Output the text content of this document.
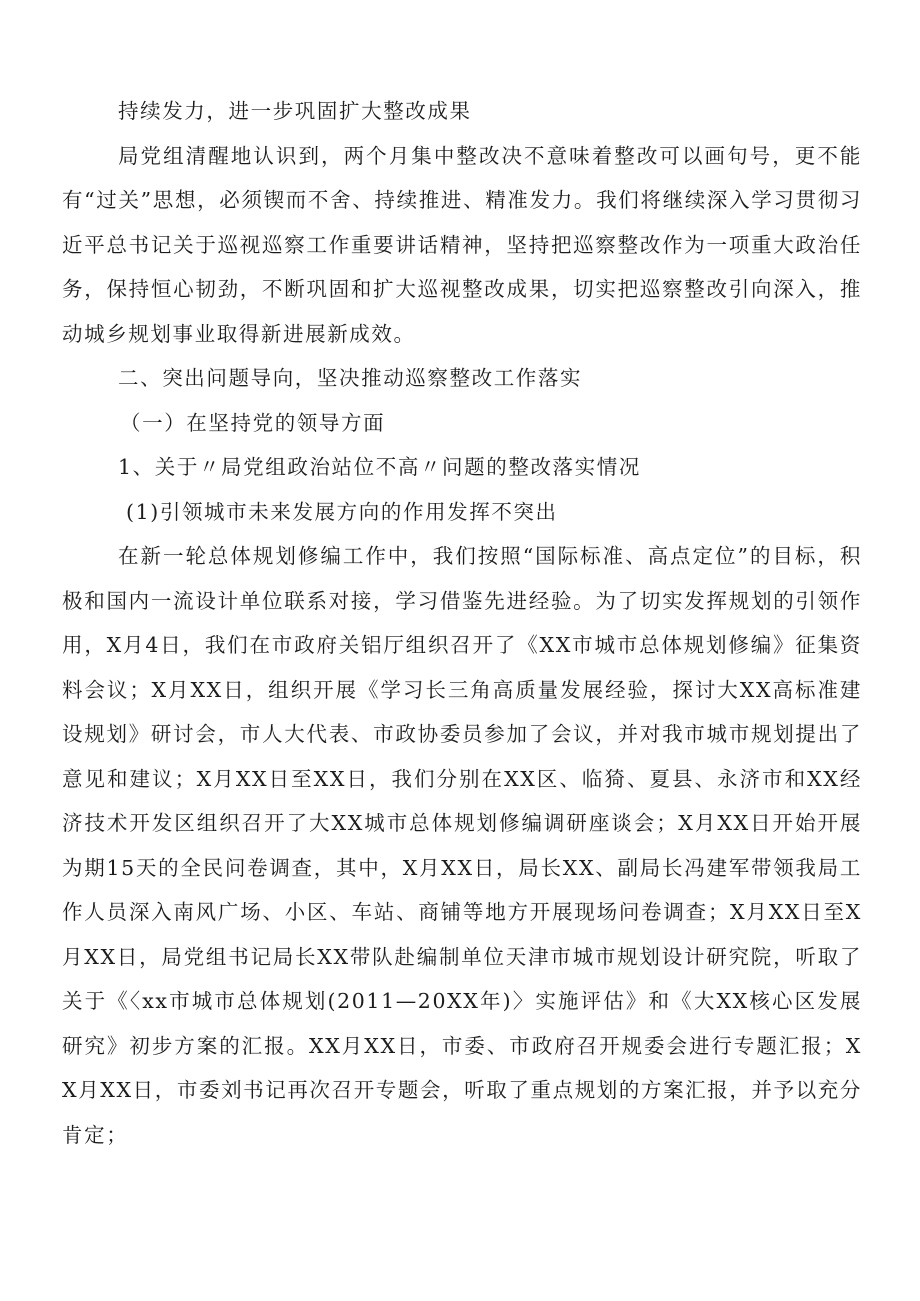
持续发力，进一步巩固扩大整改成果

局党组清醒地认识到，两个月集中整改决不意味着整改可以画句号，更不能有“过关”思想，必须锲而不舍、持续推进、精准发力。我们将继续深入学习贯彻习近平总书记关于巡视巡察工作重要讲话精神，坚持把巡察整改作为一项重大政治任务，保持恒心韧劲，不断巩固和扩大巡视整改成果，切实把巡察整改引向深入，推动城乡规划事业取得新进展新成效。

二、突出问题导向，坚决推动巡察整改工作落实

（一）在坚持党的领导方面

1、关于〃局党组政治站位不高〃问题的整改落实情况

(1)引领城市未来发展方向的作用发挥不突出

在新一轮总体规划修编工作中，我们按照“国际标准、高点定位”的目标，积极和国内一流设计单位联系对接，学习借鉴先进经验。为了切实发挥规划的引领作用，X月4日，我们在市政府关铝厅组织召开了《XX市城市总体规划修编》征集资料会议；X月XX日，组织开展《学习长三角高质量发展经验，探讨大XX高标准建设规划》研讨会，市人大代表、市政协委员参加了会议，并对我市城市规划提出了意见和建议；X月XX日至XX日，我们分别在XX区、临猗、夏县、永济市和XX经济技术开发区组织召开了大XX城市总体规划修编调研座谈会；X月XX日开始开展为期15天的全民问卷调查，其中，X月XX日，局长XX、副局长冯建军带领我局工作人员深入南风广场、小区、车站、商铺等地方开展现场问卷调查；X月XX日至X月XX日，局党组书记局长XX带队赴编制单位天津市城市规划设计研究院，听取了关于《〈xx市城市总体规划(2011—20XX年)〉实施评估》和《大XX核心区发展研究》初步方案的汇报。XX月XX日，市委、市政府召开规委会进行专题汇报；XX月XX日，市委刘书记再次召开专题会，听取了重点规划的方案汇报，并予以充分肯定；
